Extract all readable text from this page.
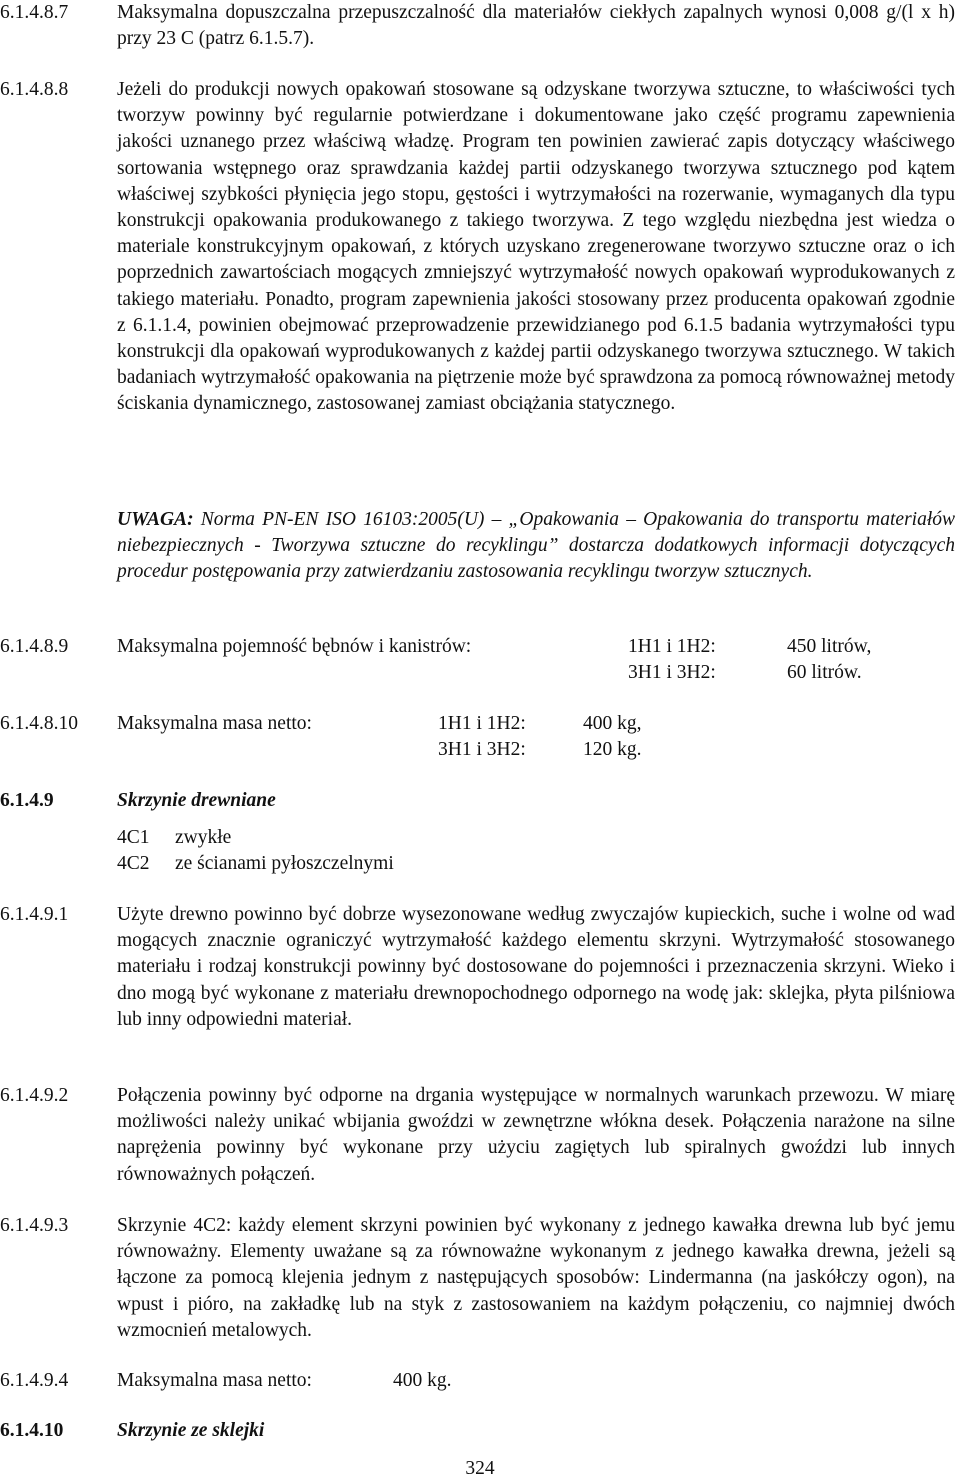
6.1.4.8.7	Maksymalna dopuszczalna przepuszczalność dla materiałów ciekłych zapalnych wynosi 0,008 g/(l x h) przy 23 C (patrz 6.1.5.7).
6.1.4.8.8	Jeżeli do produkcji nowych opakowań stosowane są odzyskane tworzywa sztuczne, to właściwości tych tworzyw powinny być regularnie potwierdzane i dokumentowane jako część programu zapewnienia jakości uznanego przez właściwą władzę. Program ten powinien zawierać zapis dotyczący właściwego sortowania wstępnego oraz sprawdzania każdej partii odzyskanego tworzywa sztucznego pod kątem właściwej szybkości płynięcia jego stopu, gęstości i wytrzymałości na rozerwanie, wymaganych dla typu konstrukcji opakowania produkowanego z takiego tworzywa. Z tego względu niezbędna jest wiedza o materiale konstrukcyjnym opakowań, z których uzyskano zregenerowane tworzywo sztuczne oraz o ich poprzednich zawartościach mogących zmniejszyć wytrzymałość nowych opakowań wyprodukowanych z takiego materiału. Ponadto, program zapewnienia jakości stosowany przez producenta opakowań zgodnie z 6.1.1.4, powinien obejmować przeprowadzenie przewidzianego pod 6.1.5 badania wytrzymałości typu konstrukcji dla opakowań wyprodukowanych z każdej partii odzyskanego tworzywa sztucznego. W takich badaniach wytrzymałość opakowania na piętrzenie może być sprawdzona za pomocą równoważnej metody ściskania dynamicznego, zastosowanej zamiast obciążania statycznego.
UWAGA: Norma PN-EN ISO 16103:2005(U) – „Opakowania – Opakowania do transportu materiałów niebezpiecznych - Tworzywa sztuczne do recyklingu” dostarcza dodatkowych informacji dotyczących procedur postępowania przy zatwierdzaniu zastosowania recyklingu tworzyw sztucznych.
6.1.4.8.9	Maksymalna pojemność bębnów i kanistrów:	1H1 i 1H2:	450 litrów,
3H1 i 3H2:	60 litrów.
6.1.4.8.10	Maksymalna masa netto:	1H1 i 1H2:	400 kg,
3H1 i 3H2:	120 kg.
6.1.4.9	Skrzynie drewniane
4C1 zwykłe
4C2 ze ścianami pyłoszczelnymi
6.1.4.9.1	Użyte drewno powinno być dobrze wysezonowane według zwyczajów kupieckich, suche i wolne od wad mogących znacznie ograniczyć wytrzymałość każdego elementu skrzyni. Wytrzymałość stosowanego materiału i rodzaj konstrukcji powinny być dostosowane do pojemności i przeznaczenia skrzyni. Wieko i dno mogą być wykonane z materiału drewnopochodnego odpornego na wodę jak: sklejka, płyta pilśniowa lub inny odpowiedni materiał.
6.1.4.9.2	Połączenia powinny być odporne na drgania występujące w normalnych warunkach przewozu. W miarę możliwości należy unikać wbijania gwoździ w zewnętrzne włókna desek. Połączenia narażone na silne naprężenia powinny być wykonane przy użyciu zagiętych lub spiralnych gwoździ lub innych równoważnych połączeń.
6.1.4.9.3	Skrzynie 4C2: każdy element skrzyni powinien być wykonany z jednego kawałka drewna lub być jemu równoważny. Elementy uważane są za równoważne wykonanym z jednego kawałka drewna, jeżeli są łączone za pomocą klejenia jednym z następujących sposobów: Lindermanna (na jaskółczy ogon), na wpust i pióro, na zakładkę lub na styk z zastosowaniem na każdym połączeniu, co najmniej dwóch wzmocnień metalowych.
6.1.4.9.4	Maksymalna masa netto:	400 kg.
6.1.4.10	Skrzynie ze sklejki
324
